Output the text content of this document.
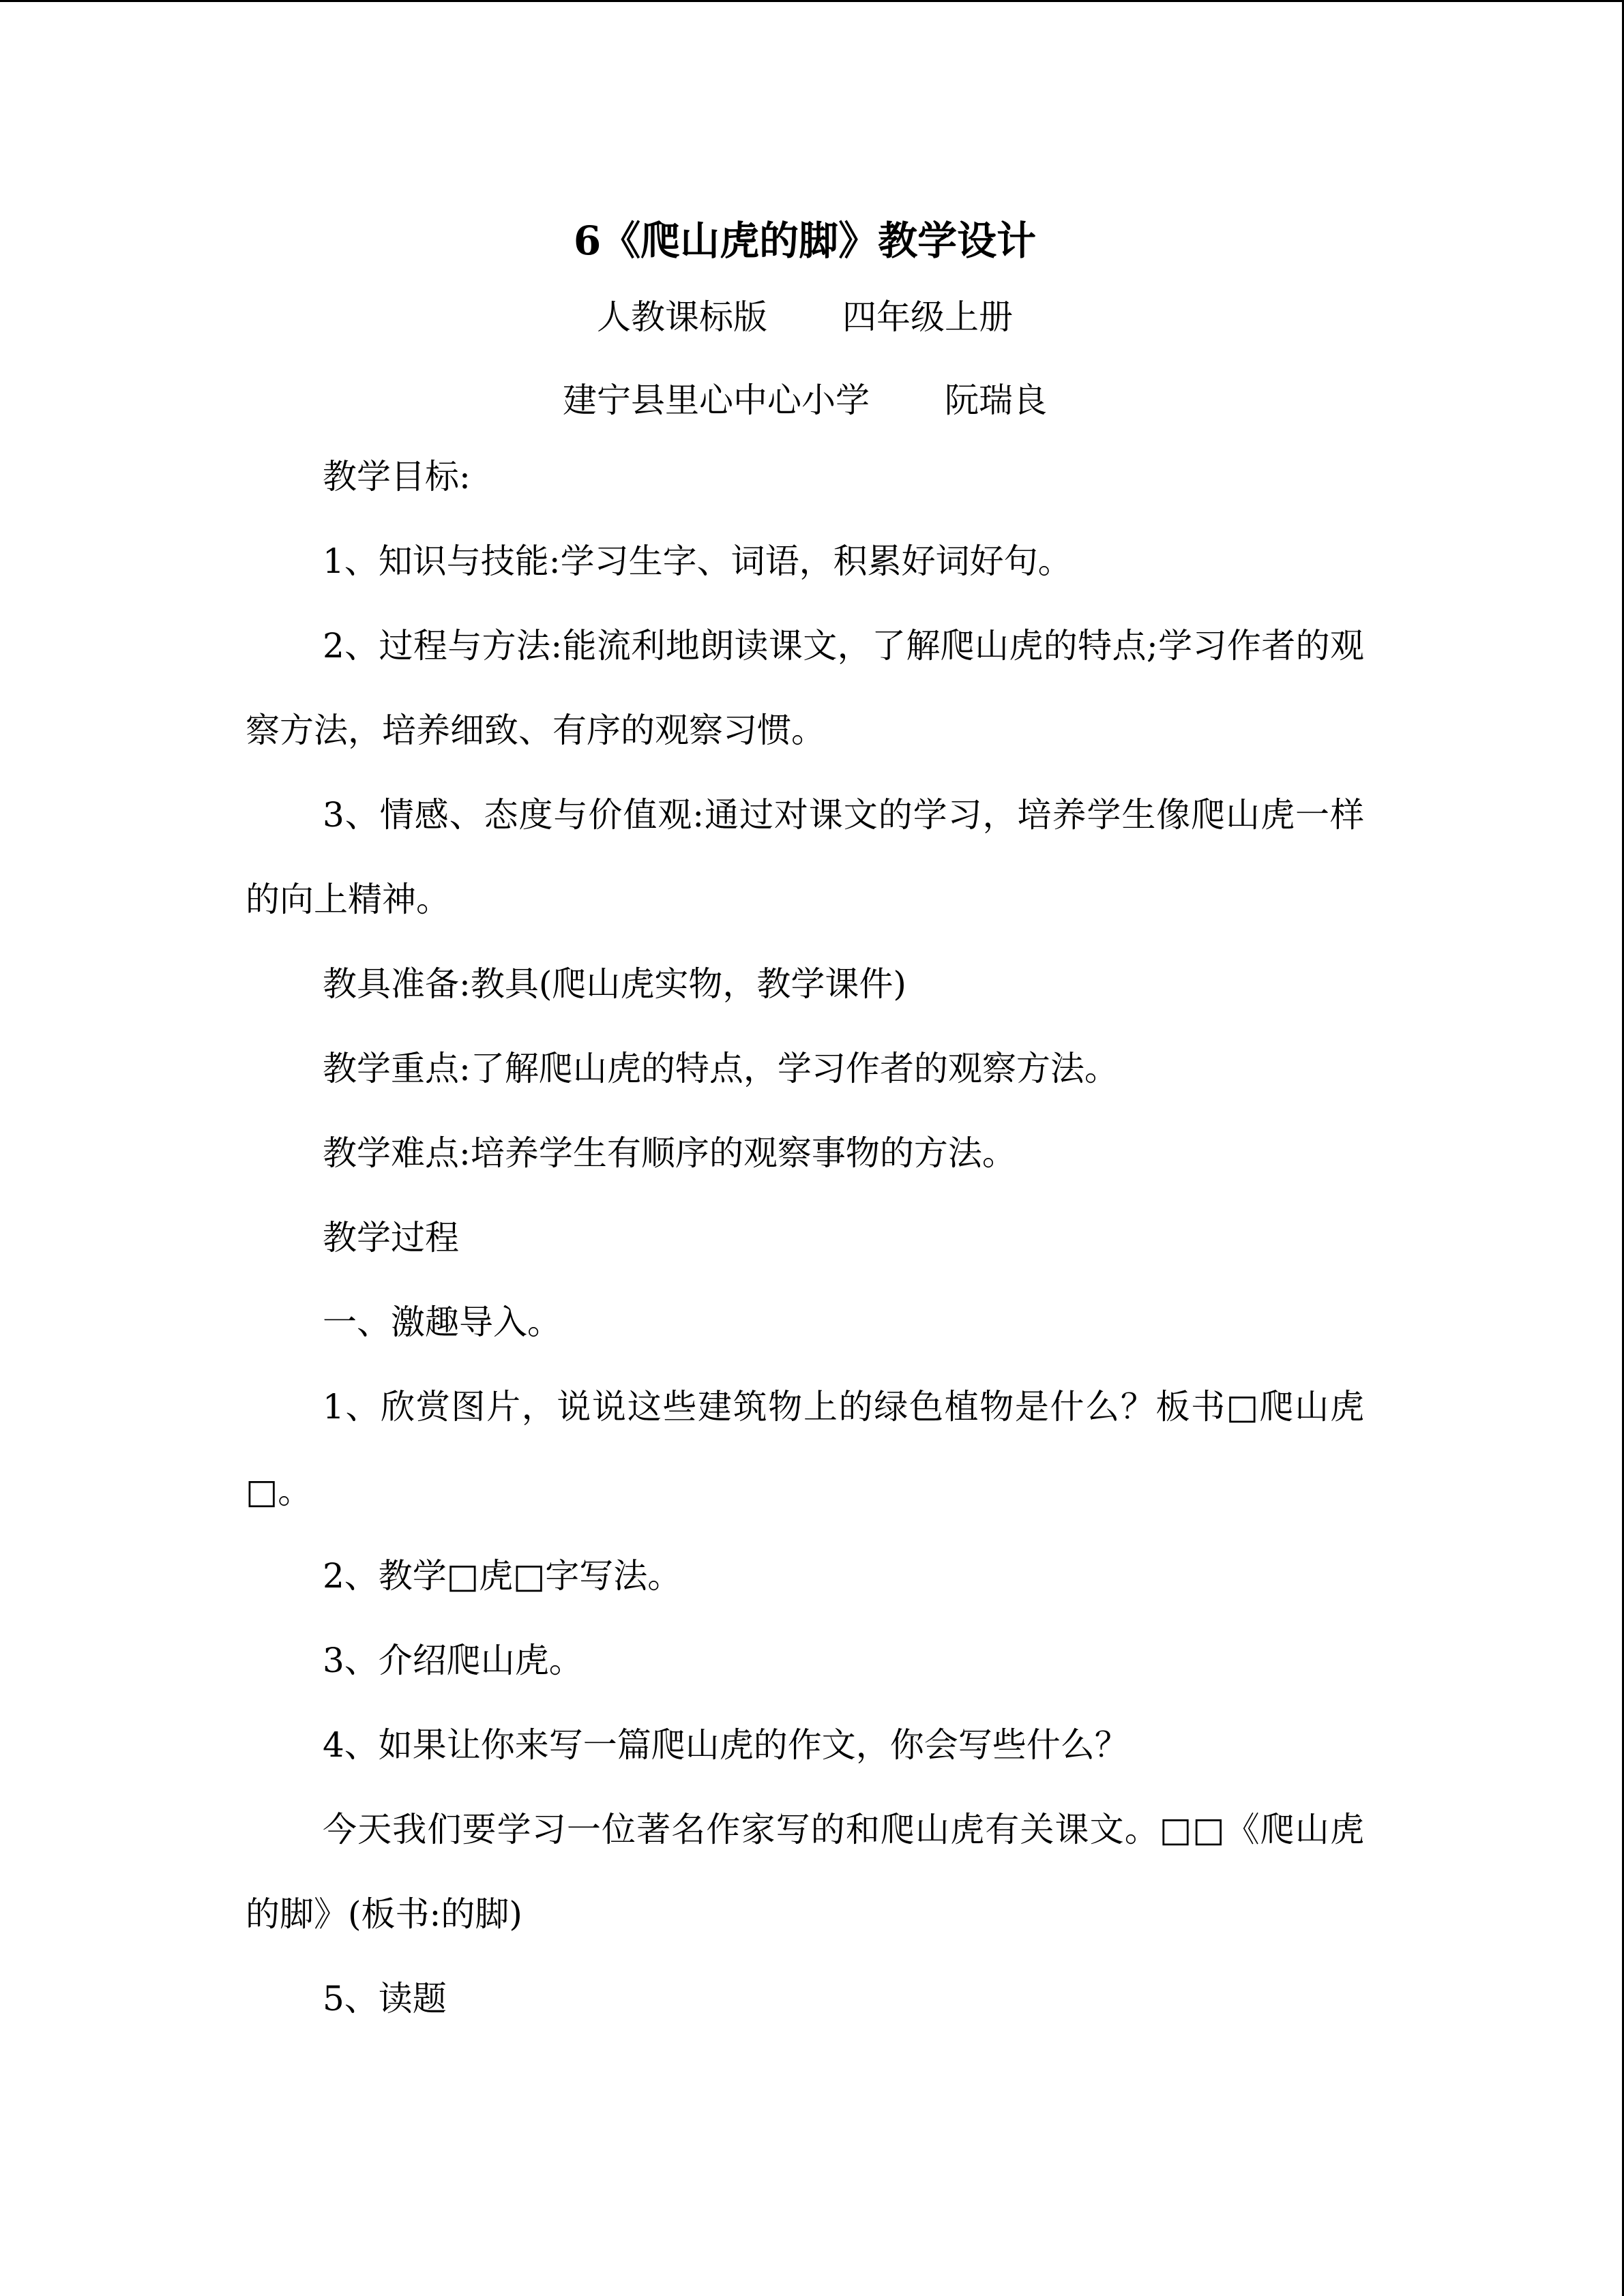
6《爬山虎的脚》教学设计
人教课标版 四年级上册
建宁县里心中心小学 阮瑞良

教学目标:

1、知识与技能:学习生字、词语，积累好词好句。

2、过程与方法:能流利地朗读课文，了解爬山虎的特点;学习作者的观察方法，培养细致、有序的观察习惯。

3、情感、态度与价值观:通过对课文的学习，培养学生像爬山虎一样的向上精神。

教具准备:教具(爬山虎实物，教学课件)

教学重点:了解爬山虎的特点，学习作者的观察方法。

教学难点:培养学生有顺序的观察事物的方法。

教学过程

一、激趣导入。

1、欣赏图片，说说这些建筑物上的绿色植物是什么？板书□爬山虎□。

2、教学□虎□字写法。

3、介绍爬山虎。

4、如果让你来写一篇爬山虎的作文，你会写些什么？

今天我们要学习一位著名作家写的和爬山虎有关课文。□□《爬山虎的脚》(板书:的脚)

5、读题
